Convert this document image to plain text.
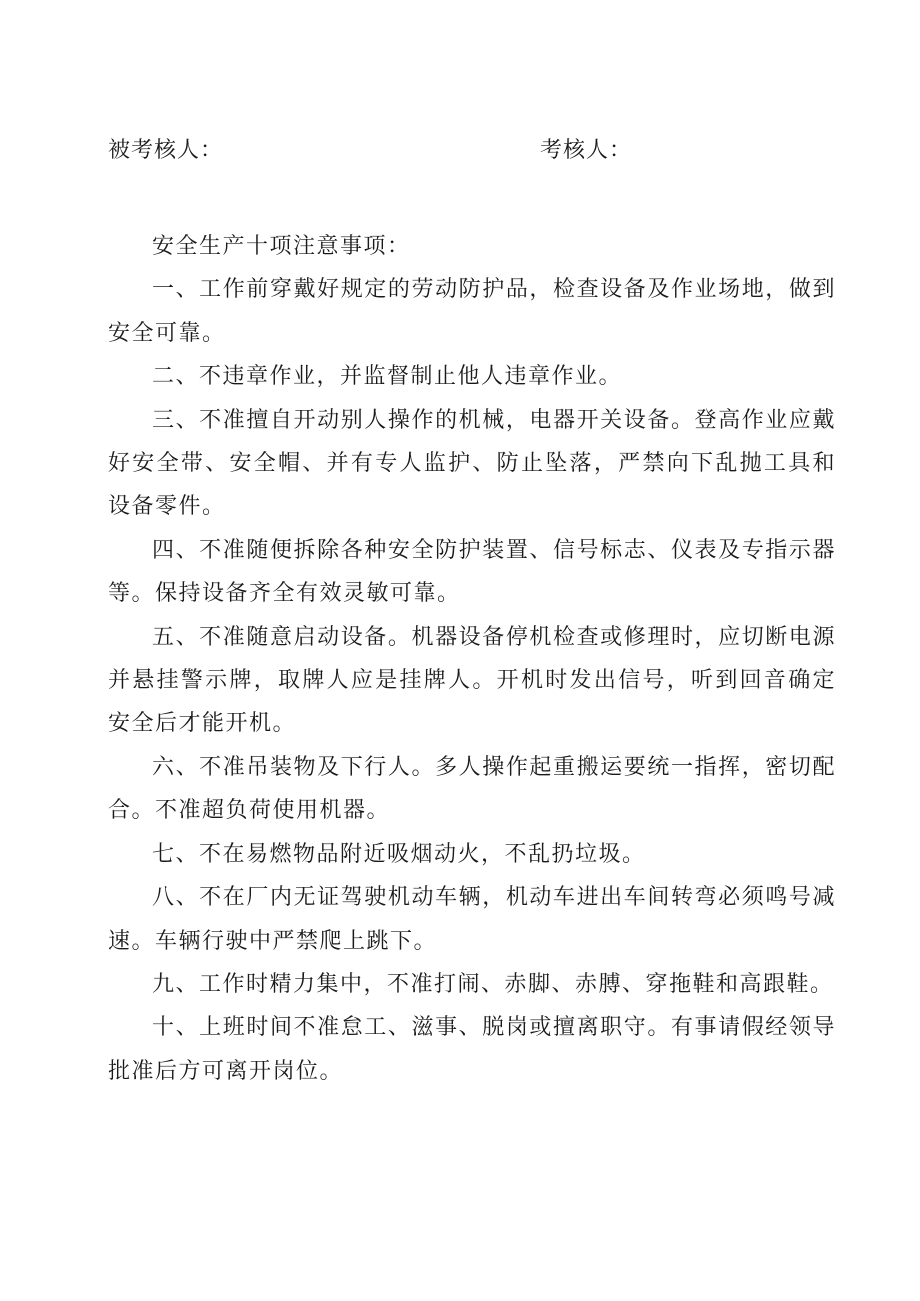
被考核人：	考核人：

安全生产十项注意事项：

一、工作前穿戴好规定的劳动防护品，检查设备及作业场地，做到安全可靠。

二、不违章作业，并监督制止他人违章作业。

三、不准擅自开动别人操作的机械，电器开关设备。登高作业应戴好安全带、安全帽、并有专人监护、防止坠落，严禁向下乱抛工具和设备零件。

四、不准随便拆除各种安全防护装置、信号标志、仪表及专指示器等。保持设备齐全有效灵敏可靠。

五、不准随意启动设备。机器设备停机检查或修理时，应切断电源并悬挂警示牌，取牌人应是挂牌人。开机时发出信号，听到回音确定安全后才能开机。

六、不准吊装物及下行人。多人操作起重搬运要统一指挥，密切配合。不准超负荷使用机器。

七、不在易燃物品附近吸烟动火，不乱扔垃圾。

八、不在厂内无证驾驶机动车辆，机动车进出车间转弯必须鸣号减速。车辆行驶中严禁爬上跳下。

九、工作时精力集中，不准打闹、赤脚、赤膊、穿拖鞋和高跟鞋。

十、上班时间不准怠工、滋事、脱岗或擅离职守。有事请假经领导批准后方可离开岗位。
